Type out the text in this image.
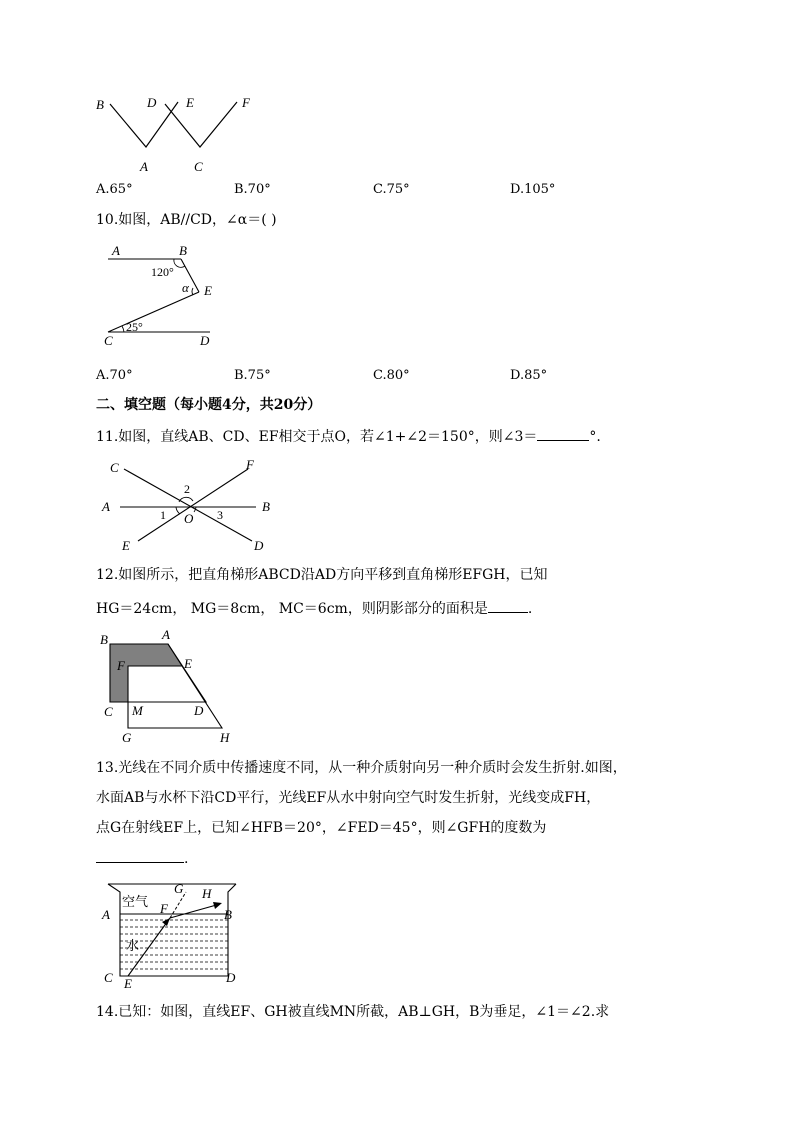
B	D E	F
A	C
A.65°	B.70°	C.75°	D.105°
10.如图，AB//CD，∠α＝( )
A	B
120°
α E
C
25°
D
A.70°	B.75°	C.80°	D.85°
二、填空题（每小题4分，共20分）
11.如图，直线AB、CD、EF相交于点O，若∠1+∠2＝150°，则∠3＝	°.
C	F
2
A
1 O 3
B
E	D
12.如图所示，把直角梯形ABCD沿AD方向平移到直角梯形EFGH，已知
HG＝24cm， MG＝8cm， MC＝6cm，则阴影部分的面积是	.
B	A
F	E
C M	D
G	H
13.光线在不同介质中传播速度不同，从一种介质射向另一种介质时会发生折射.如图，
水面AB与水杯下沿CD平行，光线EF从水中射向空气时发生折射，光线变成FH，
点G在射线EF上，已知∠HFB＝20°，∠FED＝45°，则∠GFH的度数为
.
空气
G H
F
A	B
水
C E	D
14.已知：如图，直线EF、GH被直线MN所截，AB⊥GH，B为垂足，∠1＝∠2.求
